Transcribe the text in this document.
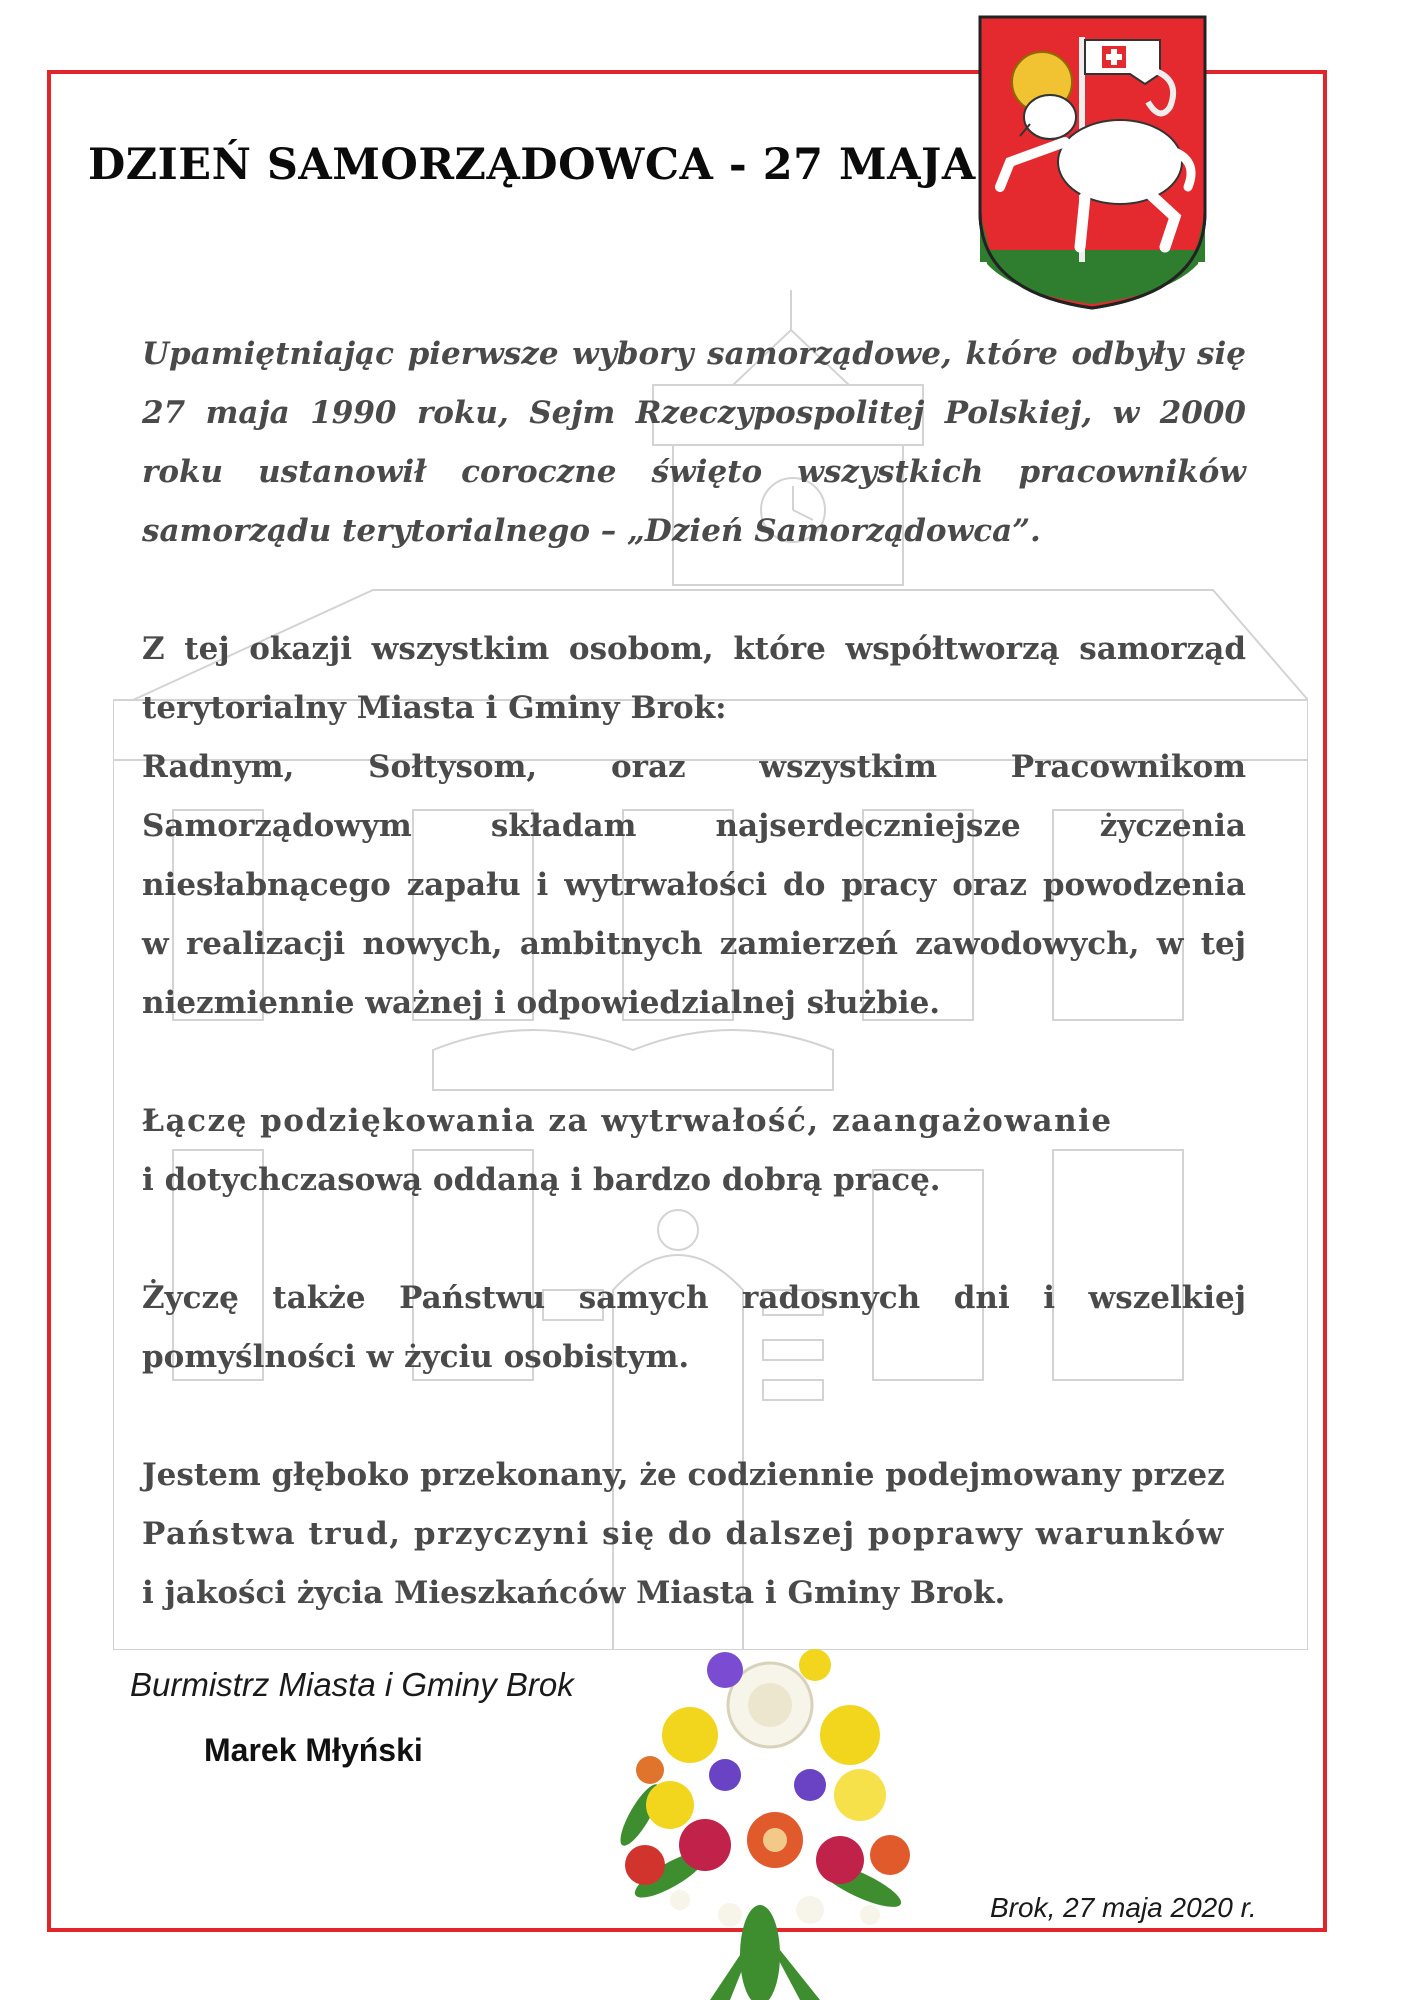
DZIEŃ SAMORZĄDOWCA - 27 MAJA

Upamiętniając pierwsze wybory samorządowe, które odbyły się

27 maja 1990 roku, Sejm Rzeczypospolitej Polskiej, w 2000 roku ustanowił coroczne święto wszystkich pracowników samorządu terytorialnego – „Dzień Samorządowca”.

Z tej okazji wszystkim osobom, które współtworzą samorząd terytorialny Miasta i Gminy Brok:

Radnym, Sołtysom, oraz wszystkim Pracownikom

Samorządowym składam najserdeczniejsze życzenia niesłabnącego zapału i wytrwałości do pracy oraz powodzenia w realizacji nowych, ambitnych zamierzeń zawodowych, w tej niezmiennie ważnej i odpowiedzialnej służbie.

Łączę podziękowania za wytrwałość, zaangażowanie

i dotychczasową oddaną i bardzo dobrą pracę.

Życzę także Państwu samych radosnych dni i wszelkiej pomyślności w życiu osobistym.

Jestem głęboko przekonany, że codziennie podejmowany przez

Państwa trud, przyczyni się do dalszej poprawy warunków

i jakości życia Mieszkańców Miasta i Gminy Brok.

Burmistrz Miasta i Gminy Brok
Marek Młyński
Brok, 27 maja 2020 r.
